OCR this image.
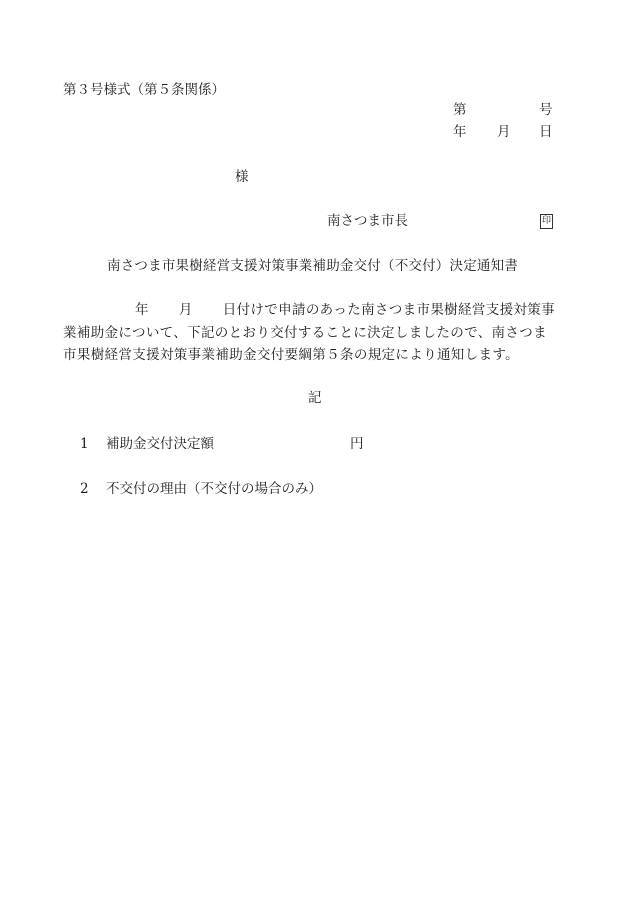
第３号様式（第５条関係）
第	号
年 月 日
様
南さつま市長	印
南さつま市果樹経営支援対策事業補助金交付（不交付）決定通知書
年 月 日付けで申請のあった南さつま市果樹経営支援対策事
業補助金について、下記のとおり交付することに決定しましたので、南さつま
市果樹経営支援対策事業補助金交付要綱第５条の規定により通知します。
記
1 補助金交付決定額	円
2 不交付の理由（不交付の場合のみ）
